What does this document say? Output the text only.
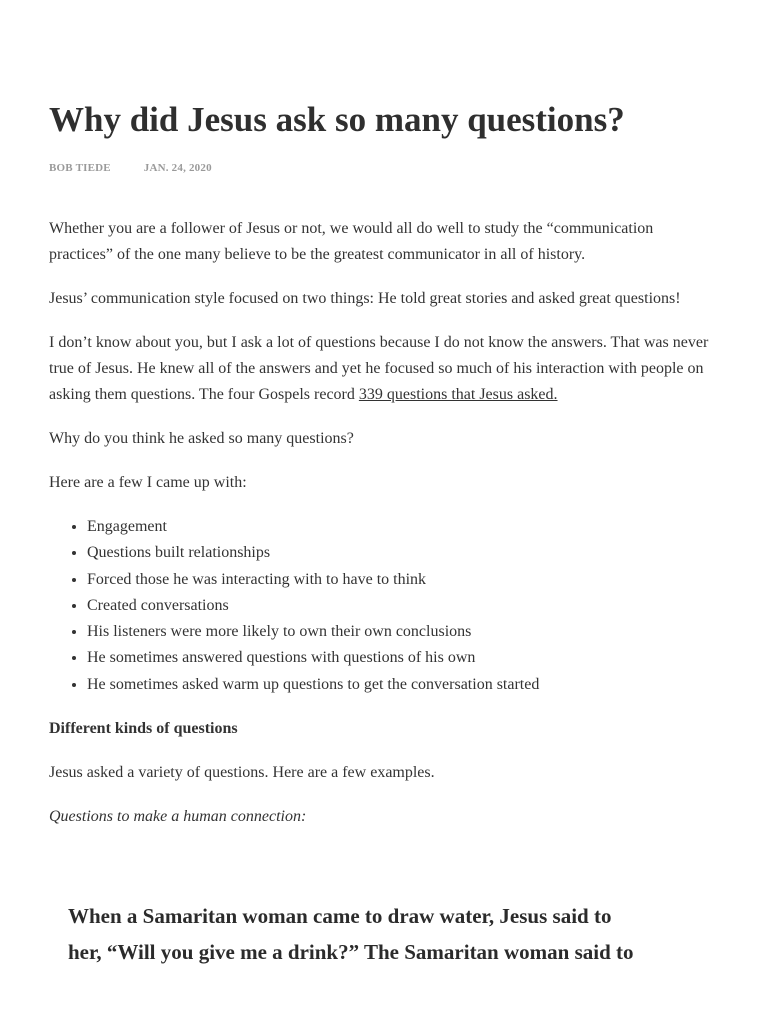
Why did Jesus ask so many questions?
BOB TIEDE	JAN. 24, 2020

Whether you are a follower of Jesus or not, we would all do well to study the “communication practices” of the one many believe to be the greatest communicator in all of history.

Jesus’ communication style focused on two things: He told great stories and asked great questions!

I don’t know about you, but I ask a lot of questions because I do not know the answers. That was never true of Jesus. He knew all of the answers and yet he focused so much of his interaction with people on asking them questions. The four Gospels record 339 questions that Jesus asked.

Why do you think he asked so many questions?

Here are a few I came up with:

• Engagement
• Questions built relationships
• Forced those he was interacting with to have to think
• Created conversations
• His listeners were more likely to own their own conclusions
• He sometimes answered questions with questions of his own
• He sometimes asked warm up questions to get the conversation started

Different kinds of questions

Jesus asked a variety of questions. Here are a few examples.

Questions to make a human connection:

When a Samaritan woman came to draw water, Jesus said to
her, “Will you give me a drink?” The Samaritan woman said to
